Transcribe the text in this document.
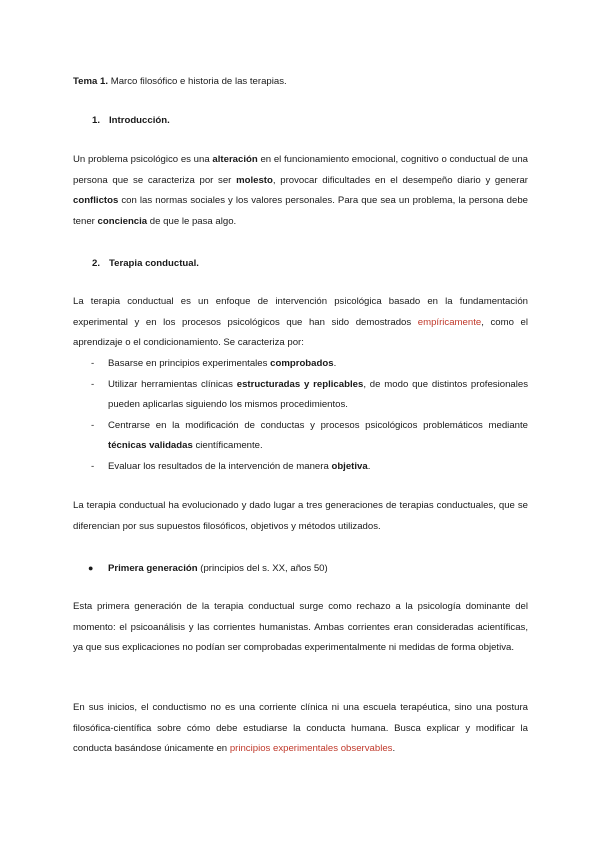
Tema 1. Marco filosófico e historia de las terapias.
1. Introducción.
Un problema psicológico es una alteración en el funcionamiento emocional, cognitivo o conductual de una persona que se caracteriza por ser molesto, provocar dificultades en el desempeño diario y generar conflictos con las normas sociales y los valores personales. Para que sea un problema, la persona debe tener conciencia de que le pasa algo.
2. Terapia conductual.
La terapia conductual es un enfoque de intervención psicológica basado en la fundamentación experimental y en los procesos psicológicos que han sido demostrados empíricamente, como el aprendizaje o el condicionamiento. Se caracteriza por:
- Basarse en principios experimentales comprobados.
- Utilizar herramientas clínicas estructuradas y replicables, de modo que distintos profesionales pueden aplicarlas siguiendo los mismos procedimientos.
- Centrarse en la modificación de conductas y procesos psicológicos problemáticos mediante técnicas validadas científicamente.
- Evaluar los resultados de la intervención de manera objetiva.
La terapia conductual ha evolucionado y dado lugar a tres generaciones de terapias conductuales, que se diferencian por sus supuestos filosóficos, objetivos y métodos utilizados.
● Primera generación (principios del s. XX, años 50)
Esta primera generación de la terapia conductual surge como rechazo a la psicología dominante del momento: el psicoanálisis y las corrientes humanistas. Ambas corrientes eran consideradas acientíficas, ya que sus explicaciones no podían ser comprobadas experimentalmente ni medidas de forma objetiva.
En sus inicios, el conductismo no es una corriente clínica ni una escuela terapéutica, sino una postura filosófica-científica sobre cómo debe estudiarse la conducta humana. Busca explicar y modificar la conducta basándose únicamente en principios experimentales observables.
